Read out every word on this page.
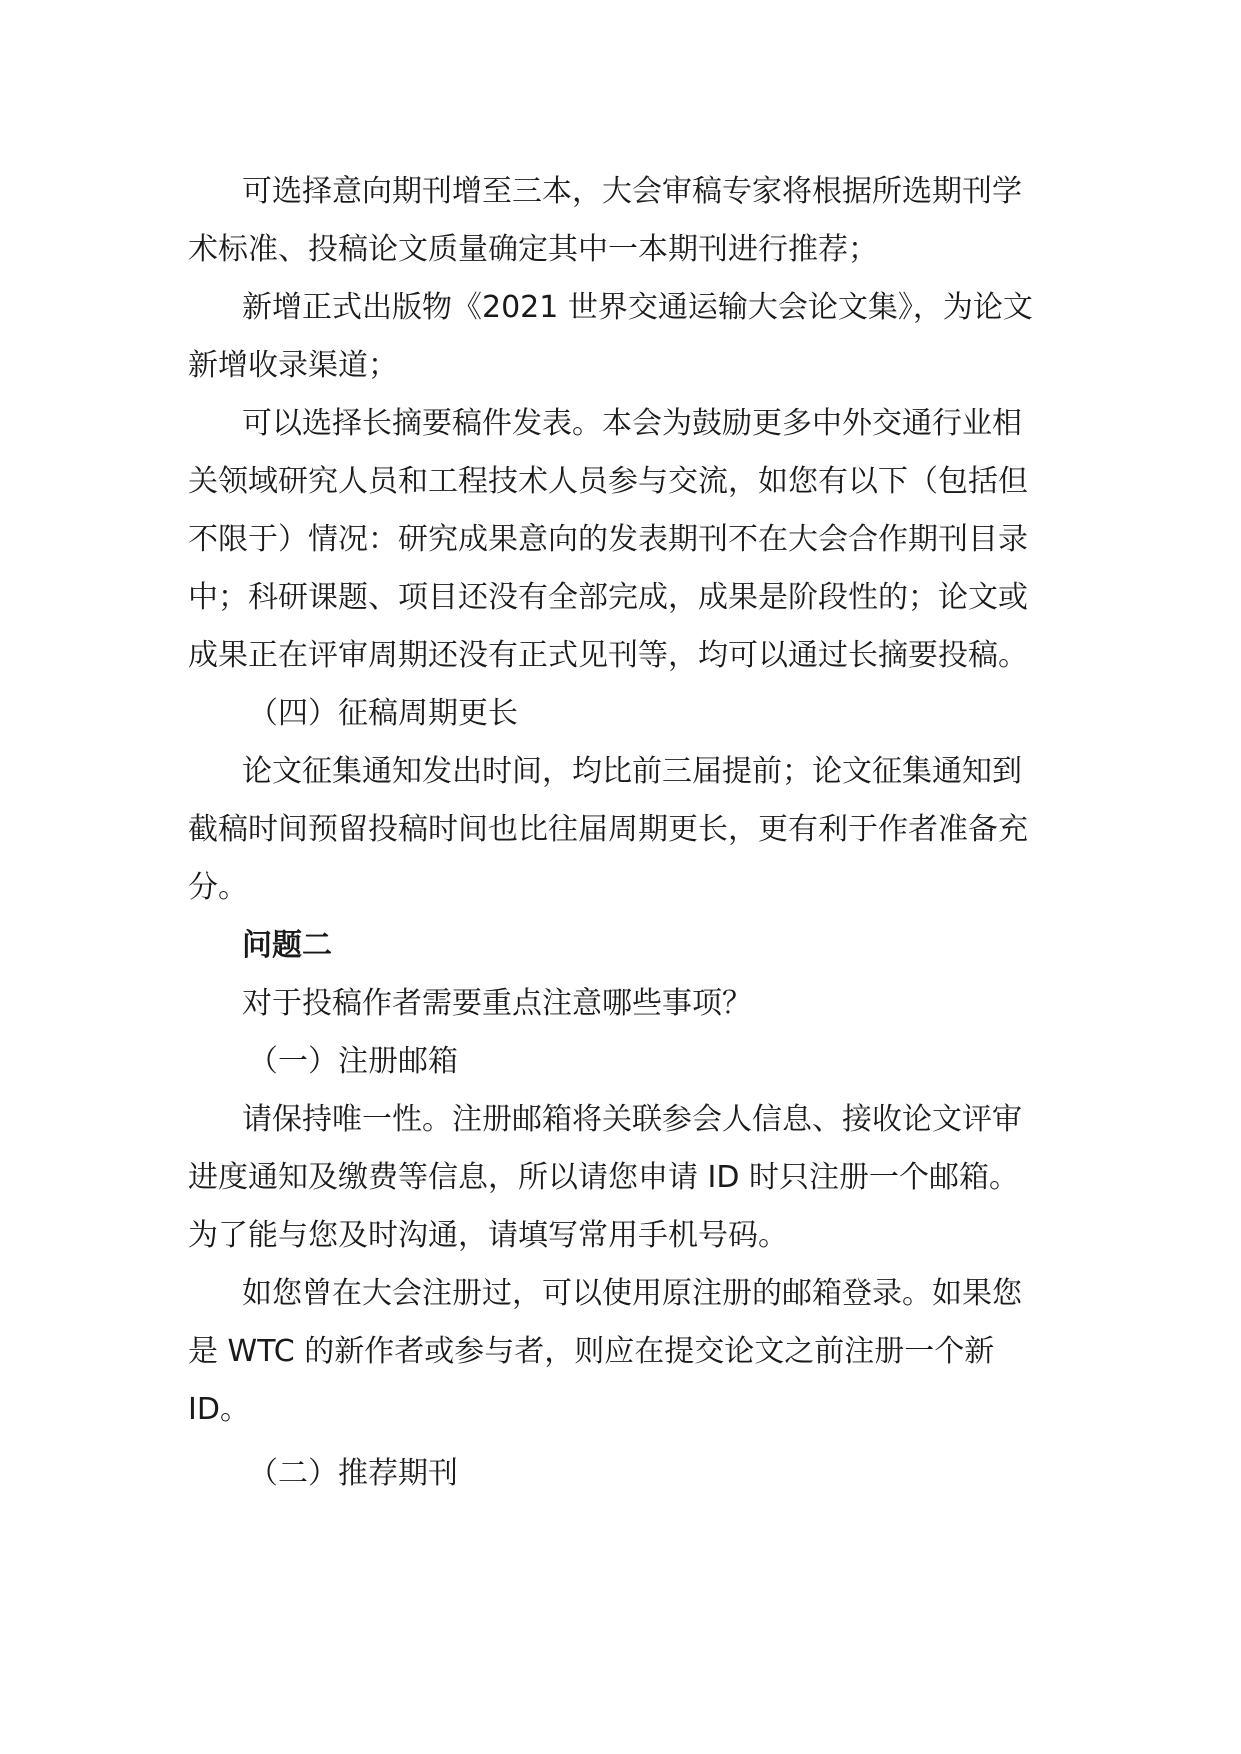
可选择意向期刊增至三本，大会审稿专家将根据所选期刊学
术标准、投稿论文质量确定其中一本期刊进行推荐；
新增正式出版物《2021 世界交通运输大会论文集》，为论文
新增收录渠道；
可以选择长摘要稿件发表。本会为鼓励更多中外交通行业相
关领域研究人员和工程技术人员参与交流，如您有以下（包括但
不限于）情况：研究成果意向的发表期刊不在大会合作期刊目录
中；科研课题、项目还没有全部完成，成果是阶段性的；论文或
成果正在评审周期还没有正式见刊等，均可以通过长摘要投稿。
（四）征稿周期更长
论文征集通知发出时间，均比前三届提前；论文征集通知到
截稿时间预留投稿时间也比往届周期更长，更有利于作者准备充
分。
问题二
对于投稿作者需要重点注意哪些事项？
（一）注册邮箱
请保持唯一性。注册邮箱将关联参会人信息、接收论文评审
进度通知及缴费等信息，所以请您申请 ID 时只注册一个邮箱。
为了能与您及时沟通，请填写常用手机号码。
如您曾在大会注册过，可以使用原注册的邮箱登录。如果您
是 WTC 的新作者或参与者，则应在提交论文之前注册一个新
ID。
（二）推荐期刊
